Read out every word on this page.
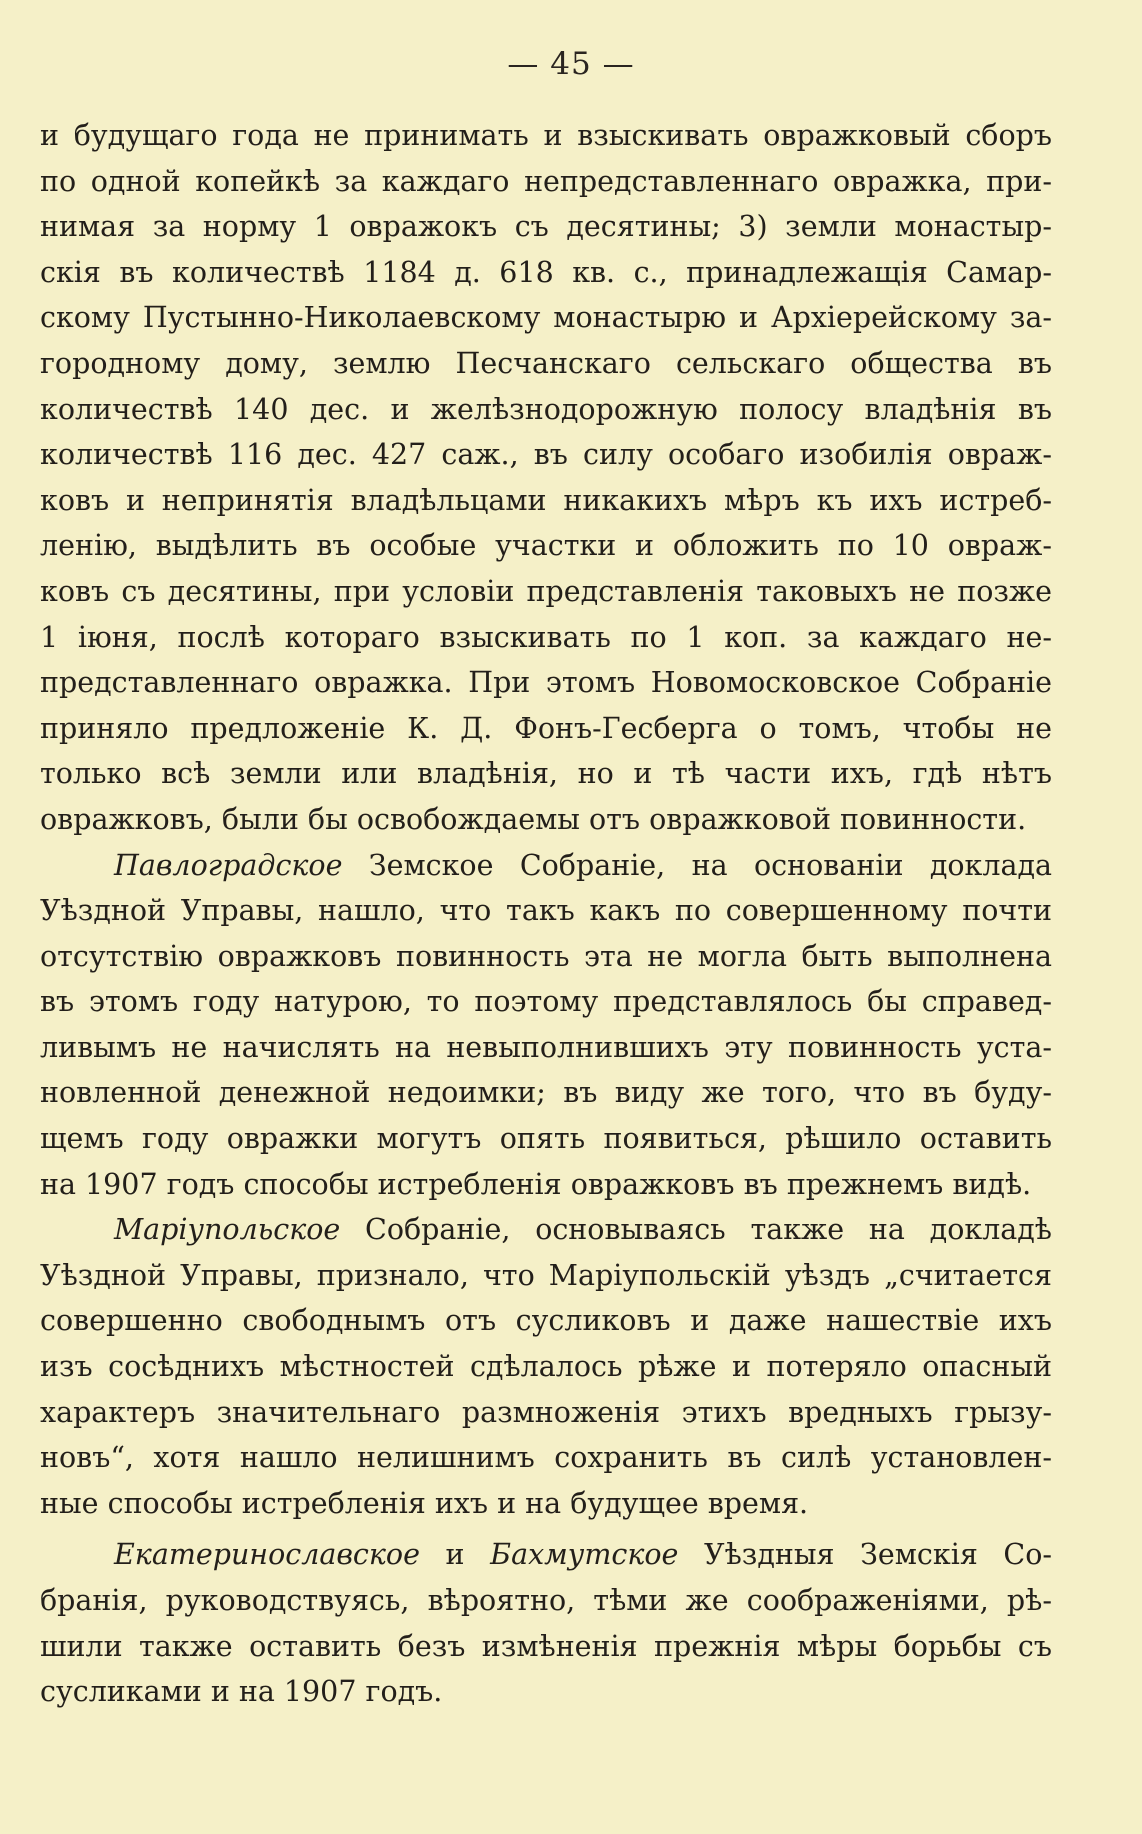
— 45 —
и будущаго года не принимать и взыскивать овражковый сборъ
по одной копейкѣ за каждаго непредставленнаго овражка, при-
нимая за норму 1 овражокъ съ десятины; 3) земли монастыр-
скія въ количествѣ 1184 д. 618 кв. с., принадлежащія Самар-
скому Пустынно-Николаевскому монастырю и Архіерейскому за-
городному дому, землю Песчанскаго сельскаго общества въ
количествѣ 140 дес. и желѣзнодорожную полосу владѣнія въ
количествѣ 116 дес. 427 саж., въ силу особаго изобилія овраж-
ковъ и непринятія владѣльцами никакихъ мѣръ къ ихъ истреб-
ленію, выдѣлить въ особые участки и обложить по 10 овраж-
ковъ съ десятины, при условіи представленія таковыхъ не позже
1 іюня, послѣ котораго взыскивать по 1 коп. за каждаго не-
представленнаго овражка. При этомъ Новомосковское Собраніе
приняло предложеніе К. Д. Фонъ-Гесберга о томъ, чтобы не
только всѣ земли или владѣнія, но и тѣ части ихъ, гдѣ нѣтъ
овражковъ, были бы освобождаемы отъ овражковой повинности.
Павлоградское Земское Собраніе, на основаніи доклада
Уѣздной Управы, нашло, что такъ какъ по совершенному почти
отсутствію овражковъ повинность эта не могла быть выполнена
въ этомъ году натурою, то поэтому представлялось бы справед-
ливымъ не начислять на невыполнившихъ эту повинность уста-
новленной денежной недоимки; въ виду же того, что въ буду-
щемъ году овражки могутъ опять появиться, рѣшило оставить
на 1907 годъ способы истребленія овражковъ въ прежнемъ видѣ.
Маріупольское Собраніе, основываясь также на докладѣ
Уѣздной Управы, признало, что Маріупольскій уѣздъ „считается
совершенно свободнымъ отъ сусликовъ и даже нашествіе ихъ
изъ сосѣднихъ мѣстностей сдѣлалось рѣже и потеряло опасный
характеръ значительнаго размноженія этихъ вредныхъ грызу-
новъ“, хотя нашло нелишнимъ сохранить въ силѣ установлен-
ные способы истребленія ихъ и на будущее время.
Екатеринославское и Бахмутское Уѣздныя Земскія Со-
бранія, руководствуясь, вѣроятно, тѣми же соображеніями, рѣ-
шили также оставить безъ измѣненія прежнія мѣры борьбы съ
сусликами и на 1907 годъ.
